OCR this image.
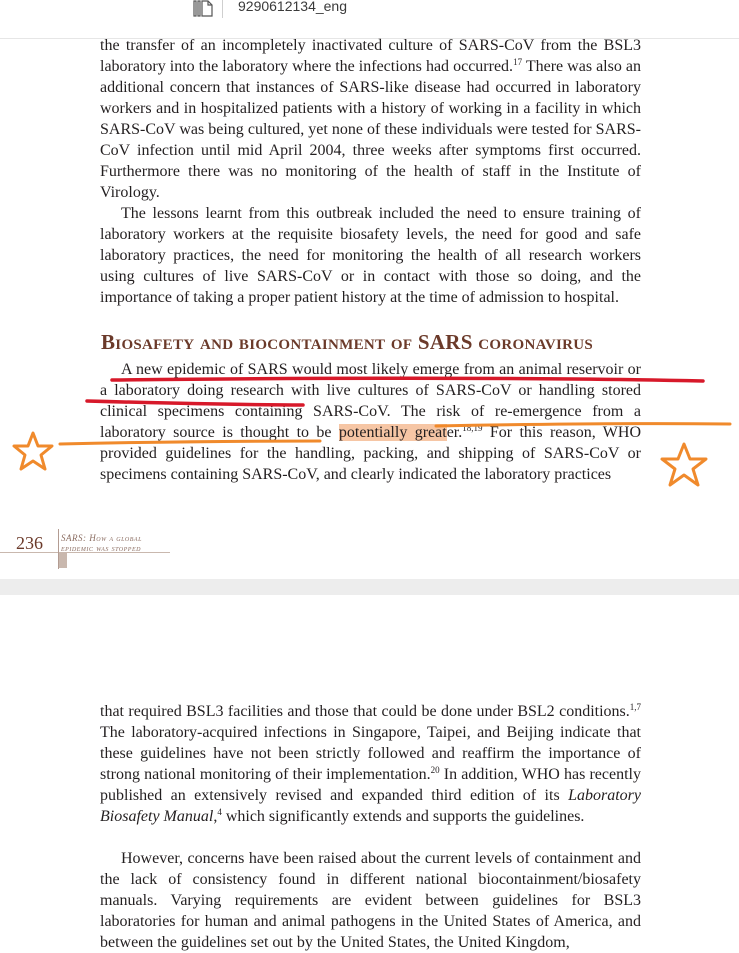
9290612134_eng

the transfer of an incompletely inactivated culture of SARS-CoV from the BSL3 laboratory into the laboratory where the infections had occurred.$^{17}$ There was also an additional concern that instances of SARS-like disease had occurred in laboratory workers and in hospitalized patients with a history of working in a facility in which SARS-CoV was being cultured, yet none of these individuals were tested for SARS-CoV infection until mid April 2004, three weeks after symptoms first occurred. Furthermore there was no monitoring of the health of staff in the Institute of Virology.

The lessons learnt from this outbreak included the need to ensure training of laboratory workers at the requisite biosafety levels, the need for good and safe laboratory practices, the need for monitoring the health of all research workers using cultures of live SARS-CoV or in contact with those so doing, and the importance of taking a proper patient history at the time of admission to hospital.

Biosafety and biocontainment of SARS coronavirus

A new epidemic of SARS would most likely emerge from an animal reservoir or a laboratory doing research with live cultures of SARS-CoV or handling stored clinical specimens containing SARS-CoV. The risk of re-emergence from a laboratory source is thought to be potentially greater.$^{18,19}$ For this reason, WHO provided guidelines for the handling, packing, and shipping of SARS-CoV or specimens containing SARS-CoV, and clearly indicated the laboratory practices

236 SARS: How a global
epidemic was stopped

that required BSL3 facilities and those that could be done under BSL2 conditions.$^{1,7}$ The laboratory-acquired infections in Singapore, Taipei, and Beijing indicate that these guidelines have not been strictly followed and reaffirm the importance of strong national monitoring of their implementation.$^{20}$ In addition, WHO has recently published an extensively revised and expanded third edition of its Laboratory Biosafety Manual,$^4$ which significantly extends and supports the guidelines.

However, concerns have been raised about the current levels of containment and the lack of consistency found in different national biocontainment/biosafety manuals. Varying requirements are evident between guidelines for BSL3 laboratories for human and animal pathogens in the United States of America, and between the guidelines set out by the United States, the United Kingdom,
